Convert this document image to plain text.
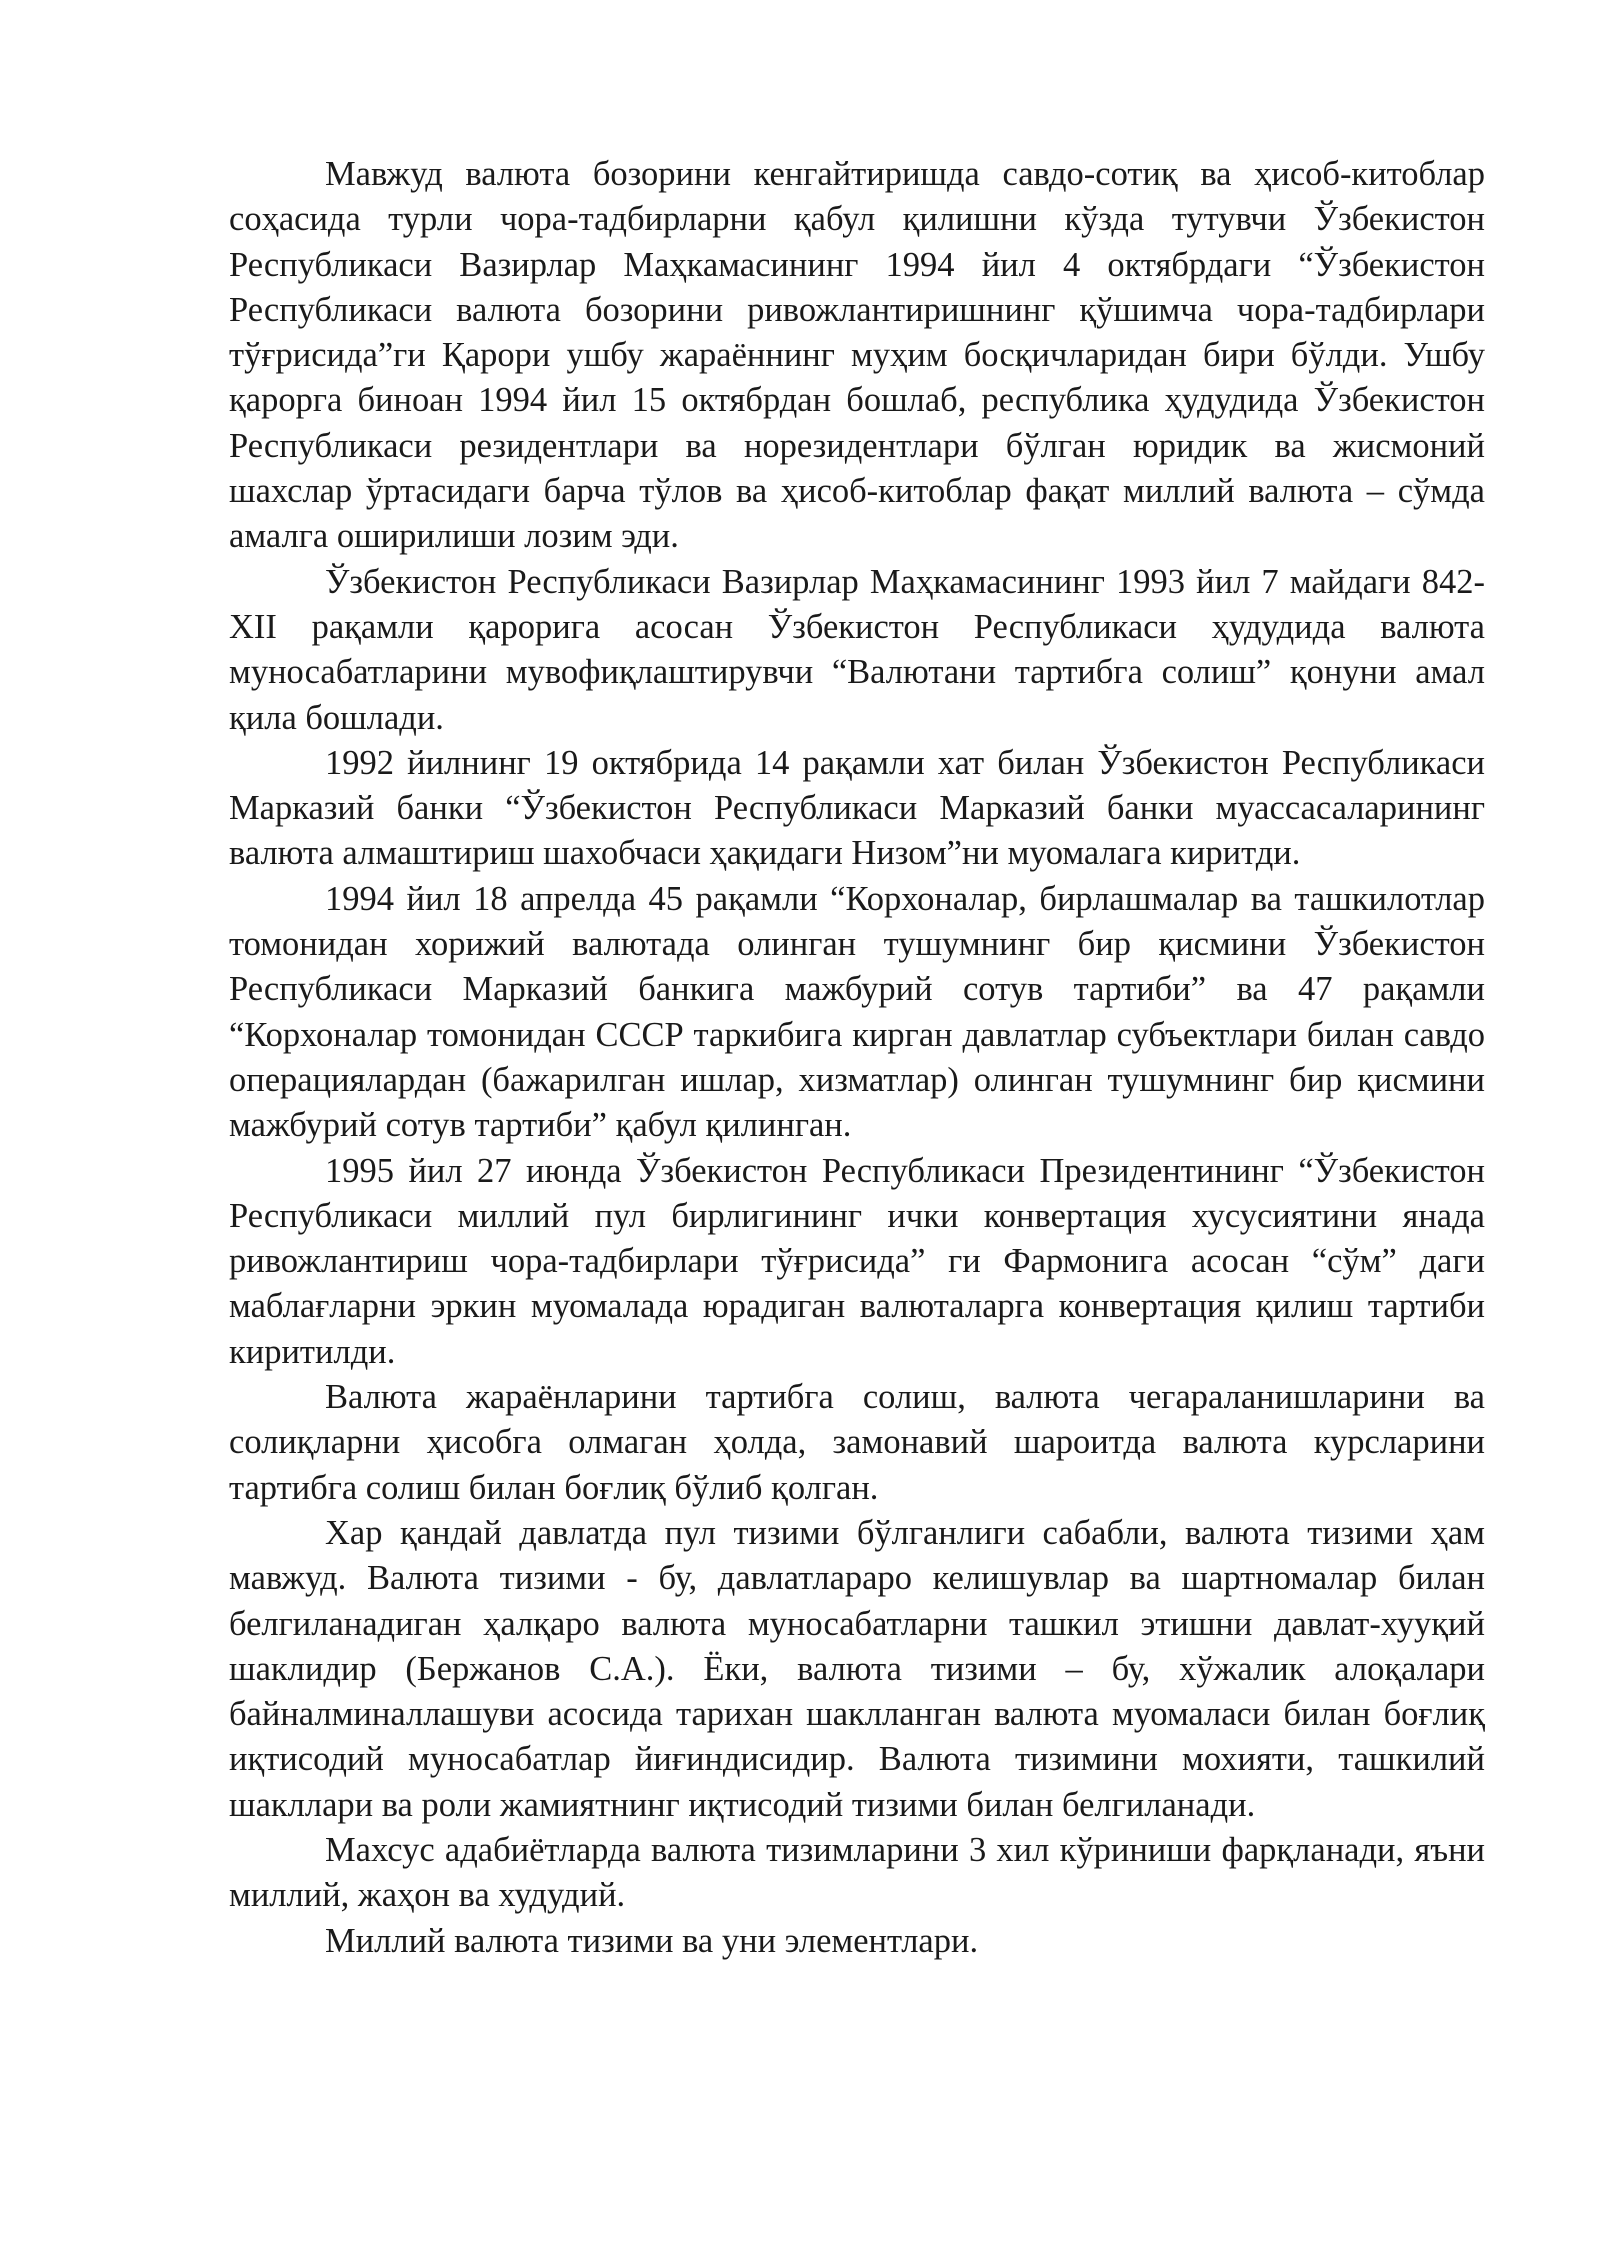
Мавжуд валюта бозорини кенгайтиришда савдо-сотиқ ва ҳисоб-китоблар соҳасида турли чора-тадбирларни қабул қилишни кўзда тутувчи Ўзбекистон Республикаси Вазирлар Маҳкамасининг 1994 йил 4 октябрдаги “Ўзбекистон Республикаси валюта бозорини ривожлантиришнинг қўшимча чора-тадбирлари тўғрисида”ги Қарори ушбу жараённинг муҳим босқичларидан бири бўлди. Ушбу қарорга биноан 1994 йил 15 октябрдан бошлаб, республика ҳудудида Ўзбекистон Республикаси резидентлари ва норезидентлари бўлган юридик ва жисмоний шахслар ўртасидаги барча тўлов ва ҳисоб-китоблар фақат миллий валюта – сўмда амалга оширилиши лозим эди.

Ўзбекистон Республикаси Вазирлар Маҳкамасининг 1993 йил 7 майдаги 842-XII рақамли қарорига асосан Ўзбекистон Республикаси ҳудудида валюта муносабатларини мувофиқлаштирувчи “Валютани тартибга солиш” қонуни амал қила бошлади.

1992 йилнинг 19 октябрида 14 рақамли хат билан Ўзбекистон Республикаси Марказий банки “Ўзбекистон Республикаси Марказий банки муассасаларининг валюта алмаштириш шахобчаси ҳақидаги Низом”ни муомалага киритди.

1994 йил 18 апрелда 45 рақамли “Корхоналар, бирлашмалар ва ташкилотлар томонидан хорижий валютада олинган тушумнинг бир қисмини Ўзбекистон Республикаси Марказий банкига мажбурий сотув тартиби” ва 47 рақамли “Корхоналар томонидан СССР таркибига кирган давлатлар субъектлари билан савдо операциялардан (бажарилган ишлар, хизматлар) олинган тушумнинг бир қисмини мажбурий сотув тартиби” қабул қилинган.

1995 йил 27 июнда Ўзбекистон Республикаси Президентининг “Ўзбекистон Республикаси миллий пул бирлигининг ички конвертация хусусиятини янада ривожлантириш чора-тадбирлари тўғрисида” ги Фармонига асосан “сўм” даги маблағларни эркин муомалада юрадиган валюталарга конвертация қилиш тартиби киритилди.

Валюта жараёнларини тартибга солиш, валюта чегараланишларини ва солиқларни ҳисобга олмаган ҳолда, замонавий шароитда валюта курсларини тартибга солиш билан боғлиқ бўлиб қолган.

Хар қандай давлатда пул тизими бўлганлиги сабабли, валюта тизими ҳам мавжуд. Валюта тизими - бу, давлатлараро келишувлар ва шартномалар билан белгиланадиган ҳалқаро валюта муносабатларни ташкил этишни давлат-хууқий шаклидир (Бержанов С.А.). Ёки, валюта тизими – бу, хўжалик алоқалари байналминаллашуви асосида тарихан шаклланган валюта муомаласи билан боғлиқ иқтисодий муносабатлар йиғиндисидир. Валюта тизимини мохияти, ташкилий шакллари ва роли жамиятнинг иқтисодий тизими билан белгиланади.

Махсус адабиётларда валюта тизимларини 3 хил кўриниши фарқланади, яъни миллий, жаҳон ва худудий.

Миллий валюта тизими ва уни элементлари.
